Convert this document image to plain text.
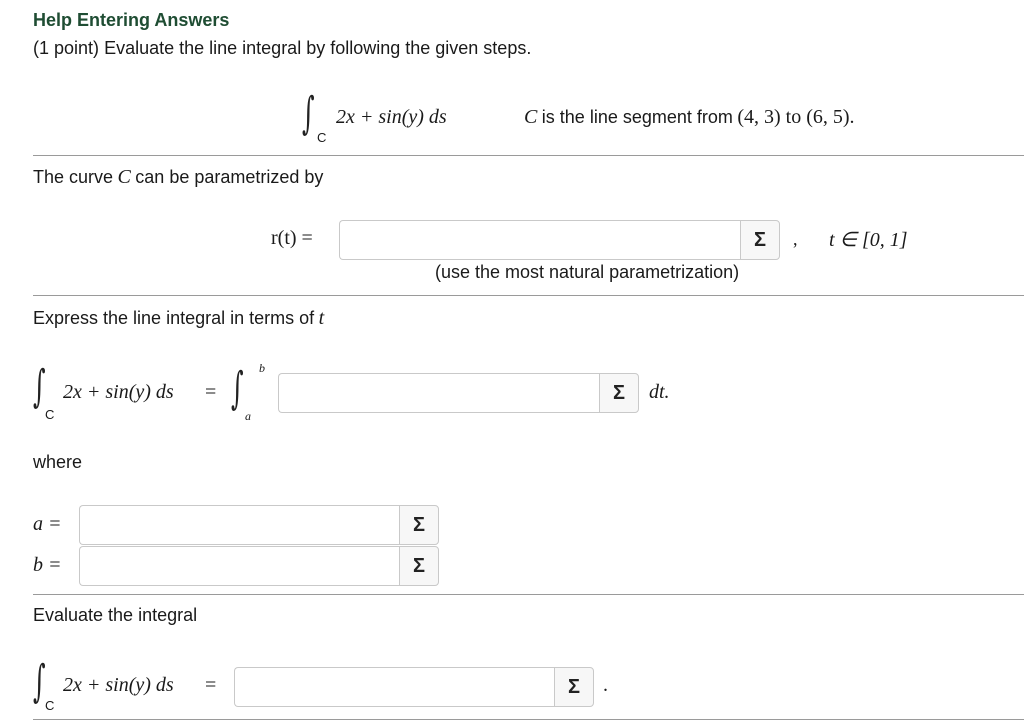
Help Entering Answers
(1 point) Evaluate the line integral by following the given steps.
∫ C
2x + sin(y) ds	C is the line segment from (4, 3) to (6, 5).
The curve C can be parametrized by
r(t) =	Σ , t ∈ [0, 1]
(use the most natural parametrization)
Express the line integral in terms of t
∫
C
2x + sin(y) ds = ∫ b
a
Σ dt.
where
a =	Σ
b =	Σ
Evaluate the integral
∫ C
2x + sin(y) ds =	Σ .
